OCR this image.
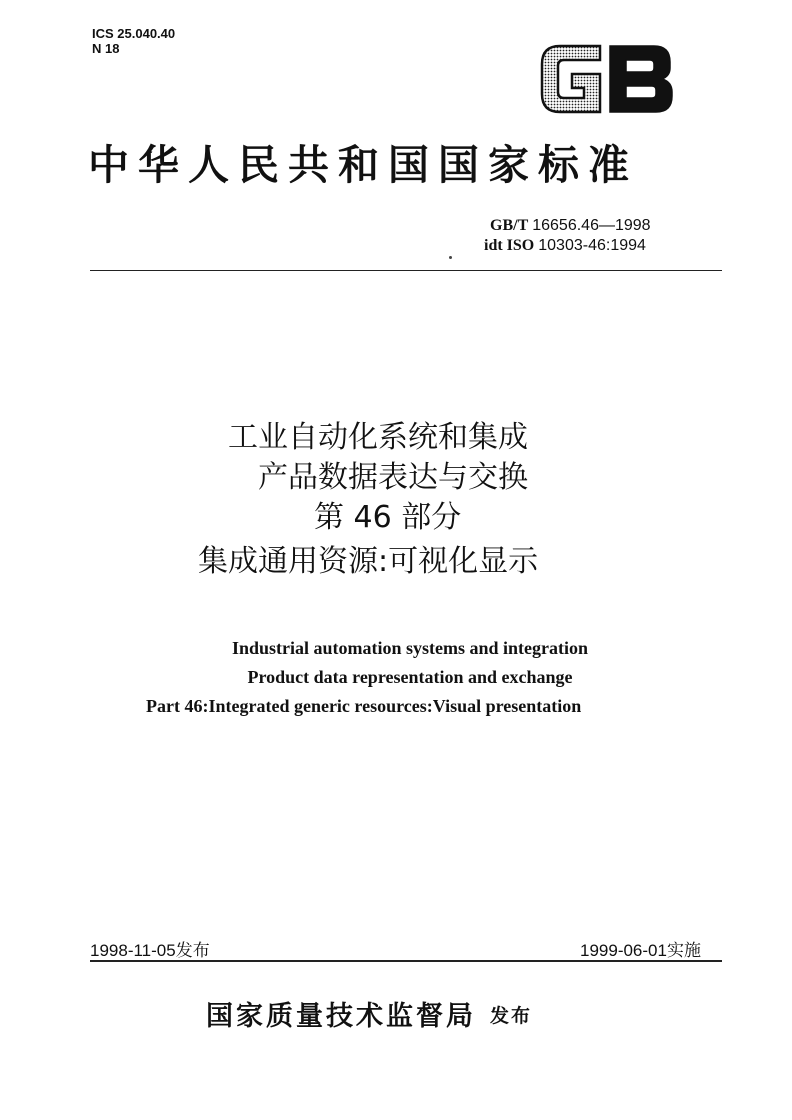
ICS 25.040.40
N 18
GB
中华人民共和国国家标准
GB/T 16656.46—1998
idt ISO 10303-46:1994
工业自动化系统和集成
产品数据表达与交换
第 46 部分
集成通用资源:可视化显示
Industrial automation systems and integration
Product data representation and exchange
Part 46:Integrated generic resources:Visual presentation
1998-11-05发布	1999-06-01实施
国家质量技术监督局 发布
